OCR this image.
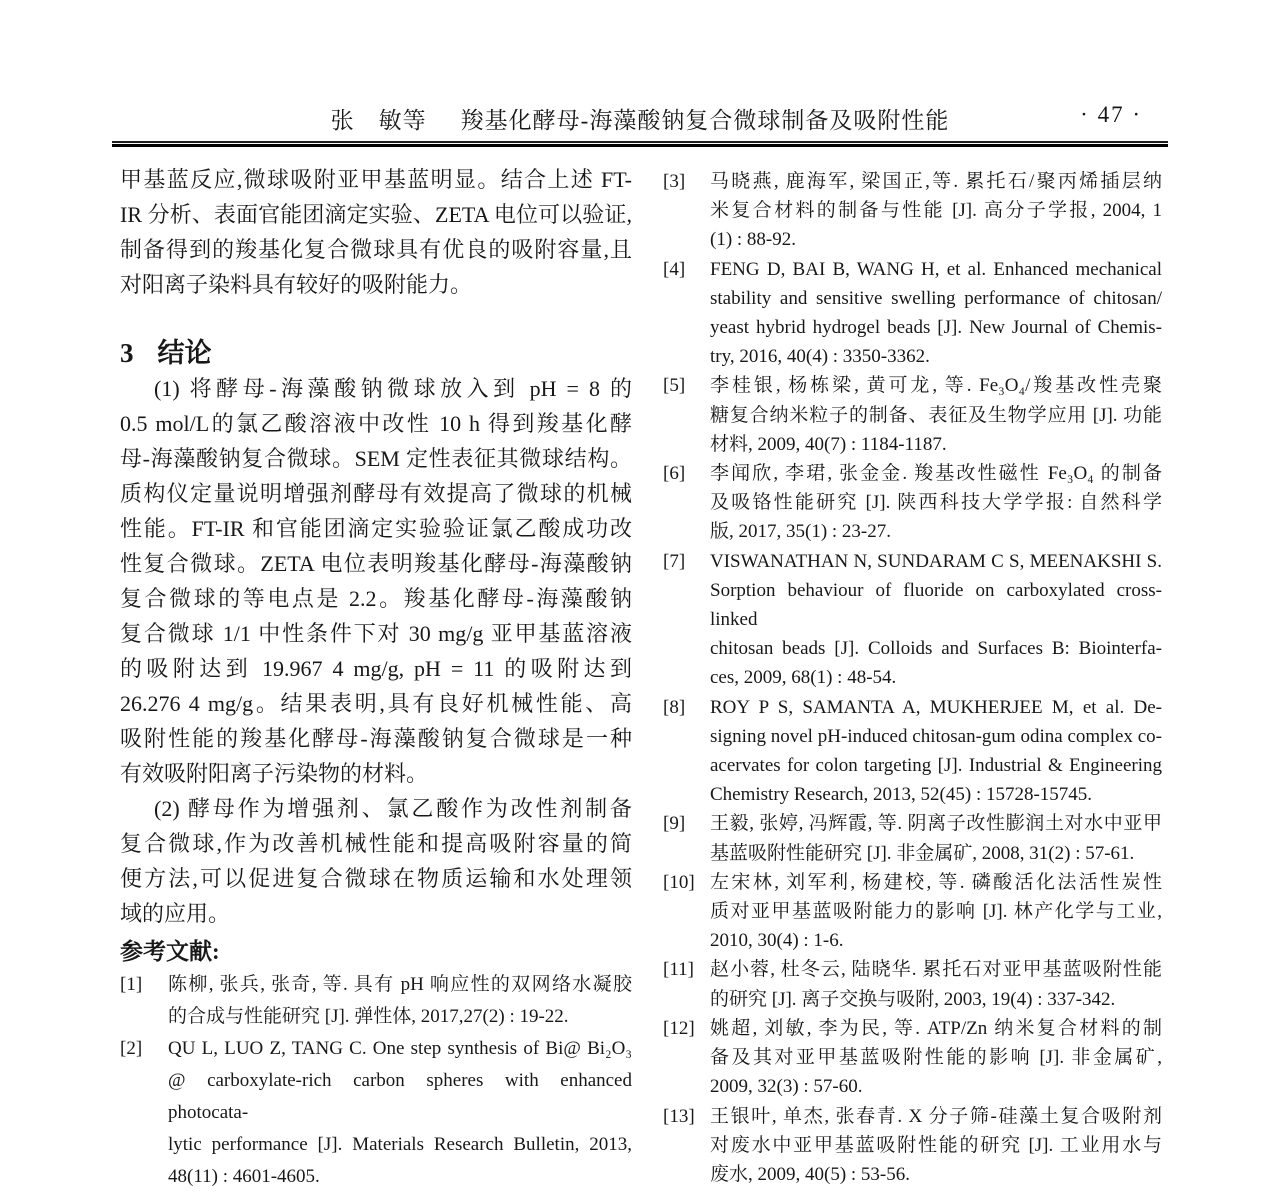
张　敏等 羧基化酵母-海藻酸钠复合微球制备及吸附性能	· 47 ·
甲基蓝反应,微球吸附亚甲基蓝明显。结合上述 FT-
IR 分析、表面官能团滴定实验、ZETA 电位可以验证,
制备得到的羧基化复合微球具有优良的吸附容量,且
对阳离子染料具有较好的吸附能力。
3 结论
(1) 将酵母-海藻酸钠微球放入到 pH = 8 的
0.5 mol/L的氯乙酸溶液中改性 10 h 得到羧基化酵
母-海藻酸钠复合微球。SEM 定性表征其微球结构。
质构仪定量说明增强剂酵母有效提高了微球的机械
性能。FT-IR 和官能团滴定实验验证氯乙酸成功改
性复合微球。ZETA 电位表明羧基化酵母-海藻酸钠
复合微球的等电点是 2.2。羧基化酵母-海藻酸钠
复合微球 1/1 中性条件下对 30 mg/g 亚甲基蓝溶液
的吸附达到 19.967 4 mg/g, pH = 11 的吸附达到
26.276 4 mg/g。结果表明,具有良好机械性能、高
吸附性能的羧基化酵母-海藻酸钠复合微球是一种
有效吸附阳离子污染物的材料。
(2) 酵母作为增强剂、氯乙酸作为改性剂制备
复合微球,作为改善机械性能和提高吸附容量的简
便方法,可以促进复合微球在物质运输和水处理领
域的应用。
参考文献:
[1]	陈柳, 张兵, 张奇, 等. 具有 pH 响应性的双网络水凝胶
的合成与性能研究 [J]. 弹性体, 2017,27(2) : 19-22.
[2]	QU L, LUO Z, TANG C. One step synthesis of Bi@ Bi₂O₃
@ carboxylate-rich carbon spheres with enhanced photocata-
lytic performance [J]. Materials Research Bulletin, 2013,
48(11) : 4601-4605.
[3]	马晓燕, 鹿海军, 梁国正,等. 累托石/聚丙烯插层纳
米复合材料的制备与性能 [J]. 高分子学报, 2004, 1
(1) : 88-92.
[4]	FENG D, BAI B, WANG H, et al. Enhanced mechanical
stability and sensitive swelling performance of chitosan/
yeast hybrid hydrogel beads [J]. New Journal of Chemis-
try, 2016, 40(4) : 3350-3362.
[5]	李桂银, 杨栋梁, 黄可龙, 等. Fe₃O₄/羧基改性壳聚
糖复合纳米粒子的制备、表征及生物学应用 [J]. 功能
材料, 2009, 40(7) : 1184-1187.
[6]	李闻欣, 李珺, 张金金. 羧基改性磁性 Fe₃O₄ 的制备
及吸铬性能研究 [J]. 陕西科技大学学报: 自然科学
版, 2017, 35(1) : 23-27.
[7]	VISWANATHAN N, SUNDARAM C S, MEENAKSHI S.
Sorption behaviour of fluoride on carboxylated cross-linked
chitosan beads [J]. Colloids and Surfaces B: Biointerfa-
ces, 2009, 68(1) : 48-54.
[8]	ROY P S, SAMANTA A, MUKHERJEE M, et al. De-
signing novel pH-induced chitosan-gum odina complex co-
acervates for colon targeting [J]. Industrial & Engineering
Chemistry Research, 2013, 52(45) : 15728-15745.
[9]	王毅, 张婷, 冯辉霞, 等. 阴离子改性膨润土对水中亚甲
基蓝吸附性能研究 [J]. 非金属矿, 2008, 31(2) : 57-61.
[10] 左宋林, 刘军利, 杨建校, 等. 磷酸活化法活性炭性
质对亚甲基蓝吸附能力的影响 [J]. 林产化学与工业,
2010, 30(4) : 1-6.
[11] 赵小蓉, 杜冬云, 陆晓华. 累托石对亚甲基蓝吸附性能
的研究 [J]. 离子交换与吸附, 2003, 19(4) : 337-342.
[12] 姚超, 刘敏, 李为民, 等. ATP/Zn 纳米复合材料的制
备及其对亚甲基蓝吸附性能的影响 [J]. 非金属矿,
2009, 32(3) : 57-60.
[13] 王银叶, 单杰, 张春青. X 分子筛-硅藻土复合吸附剂
对废水中亚甲基蓝吸附性能的研究 [J]. 工业用水与
废水, 2009, 40(5) : 53-56.
